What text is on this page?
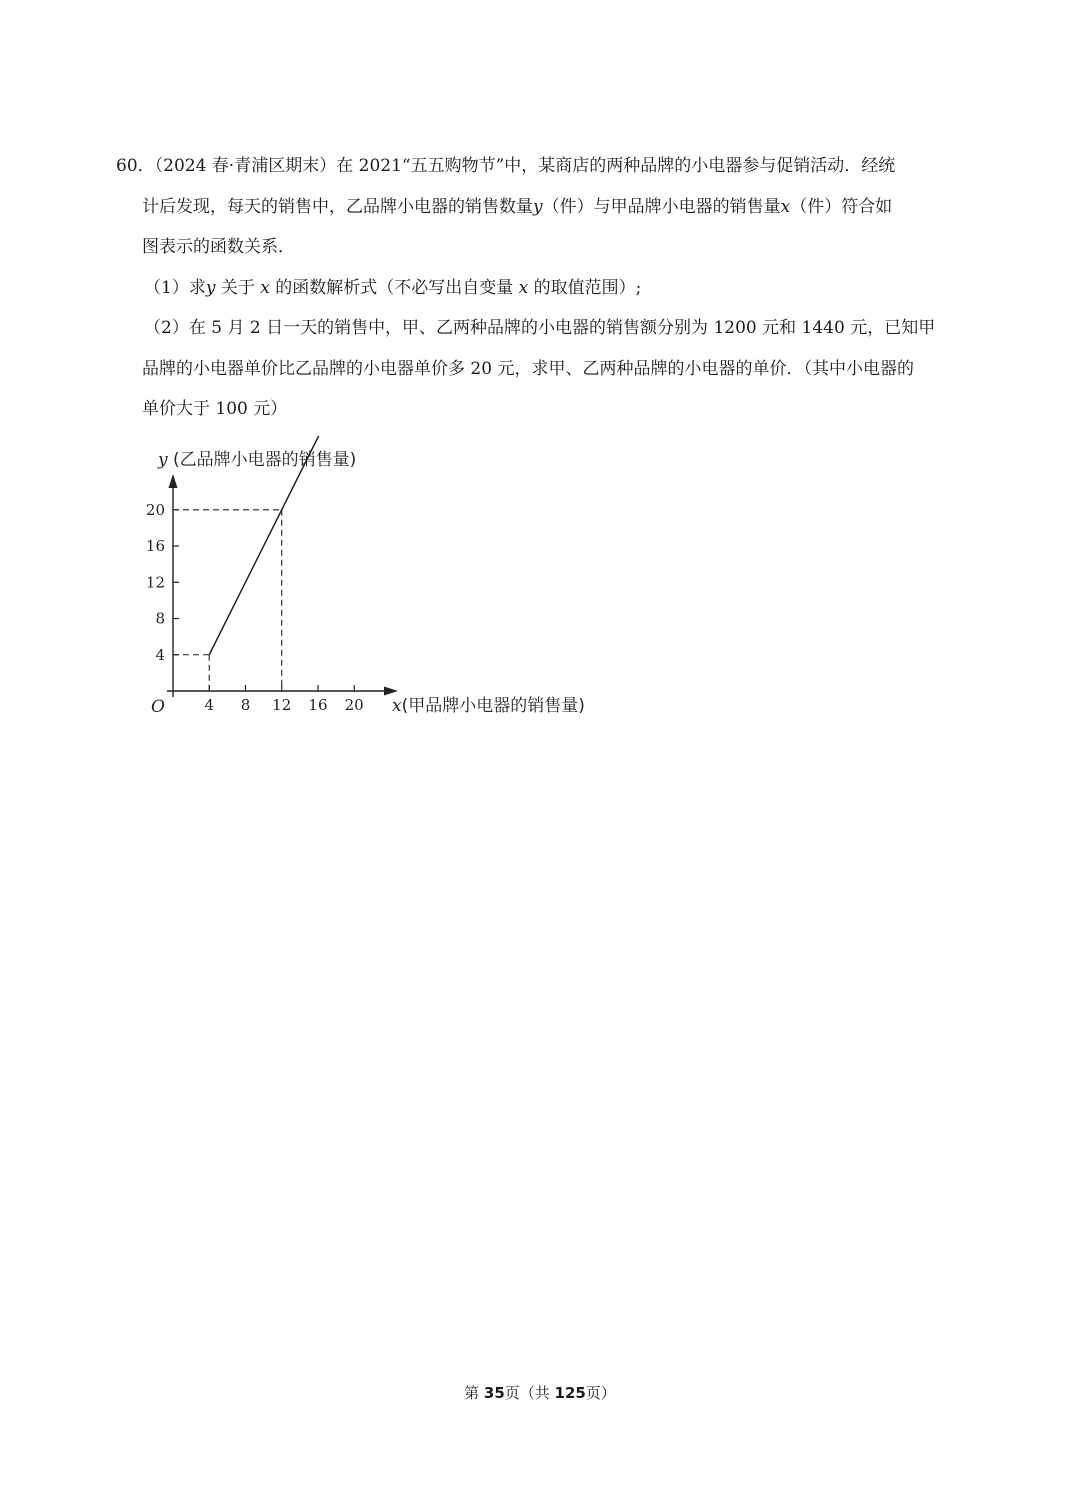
60．（2024 春·青浦区期末）在 2021“五五购物节”中，某商店的两种品牌的小电器参与促销活动．经统

计后发现，每天的销售中，乙品牌小电器的销售数量y（件）与甲品牌小电器的销售量x（件）符合如

图表示的函数关系．

（1）求y 关于 x 的函数解析式（不必写出自变量 x 的取值范围）;

（2）在 5 月 2 日一天的销售中，甲、乙两种品牌的小电器的销售额分别为 1200 元和 1440 元，已知甲

品牌的小电器单价比乙品牌的小电器单价多 20 元，求甲、乙两种品牌的小电器的单价．（其中小电器的

单价大于 100 元）

4 8 12 16 20
4
8
12
16
20
O
y (乙品牌小电器的销售量)
x(甲品牌小电器的销售量)
第 35页（共 125页）
